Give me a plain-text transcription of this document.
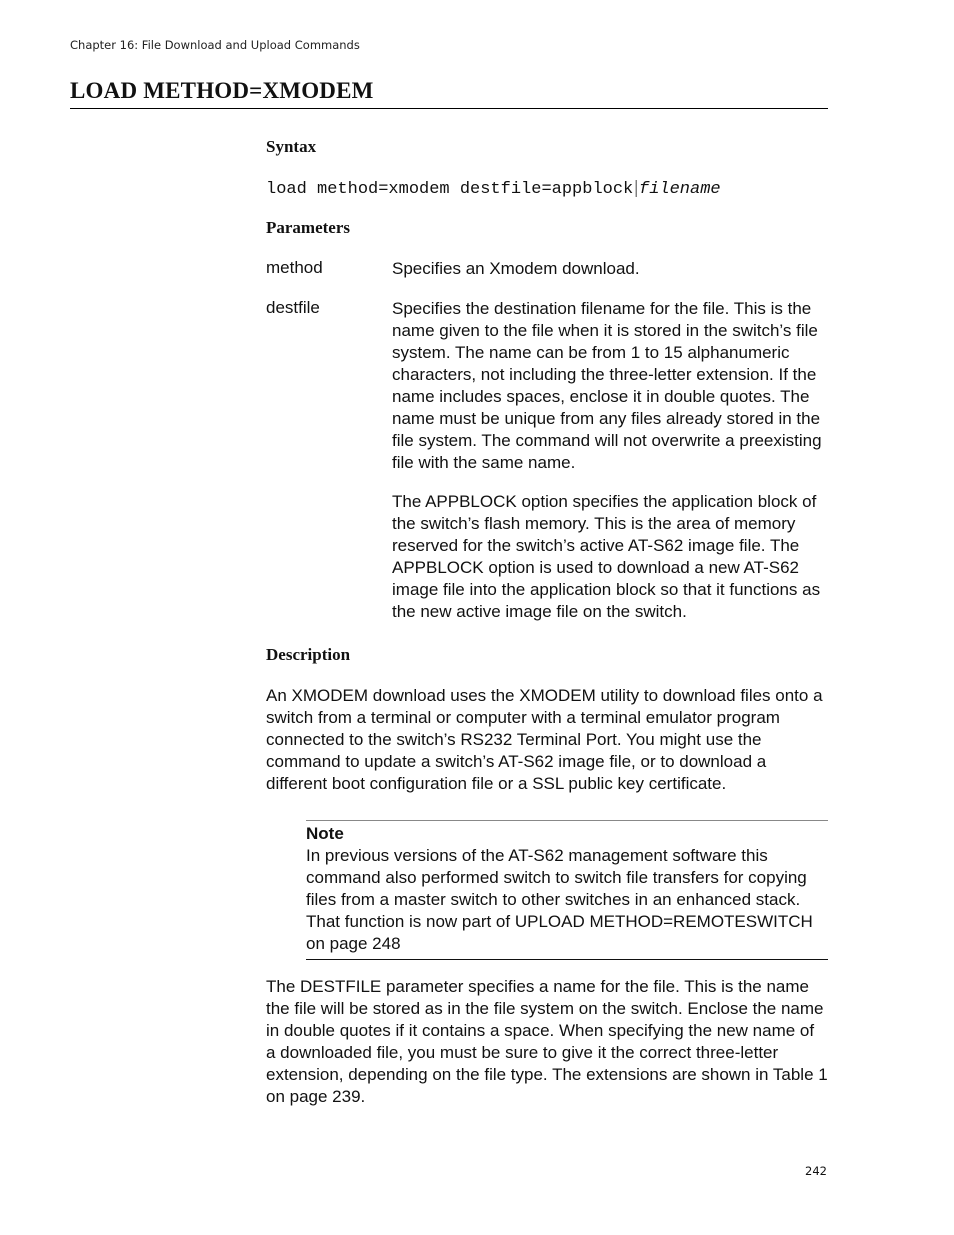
Chapter 16: File Download and Upload Commands
LOAD METHOD=XMODEM
Syntax
load method=xmodem destfile=appblock|filename
Parameters
method	Specifies an Xmodem download.
destfile	Specifies the destination filename for the file. This is the name given to the file when it is stored in the switch’s file system. The name can be from 1 to 15 alphanumeric characters, not including the three-letter extension. If the name includes spaces, enclose it in double quotes. The name must be unique from any files already stored in the file system. The command will not overwrite a preexisting file with the same name.
The APPBLOCK option specifies the application block of the switch’s flash memory. This is the area of memory reserved for the switch’s active AT-S62 image file. The APPBLOCK option is used to download a new AT-S62 image file into the application block so that it functions as the new active image file on the switch.
Description

An XMODEM download uses the XMODEM utility to download files onto a switch from a terminal or computer with a terminal emulator program connected to the switch’s RS232 Terminal Port. You might use the command to update a switch’s AT-S62 image file, or to download a different boot configuration file or a SSL public key certificate.

Note

In previous versions of the AT-S62 management software this command also performed switch to switch file transfers for copying files from a master switch to other switches in an enhanced stack. That function is now part of UPLOAD METHOD=REMOTESWITCH on page 248

The DESTFILE parameter specifies a name for the file. This is the name the file will be stored as in the file system on the switch. Enclose the name in double quotes if it contains a space. When specifying the new name of a downloaded file, you must be sure to give it the correct three-letter extension, depending on the file type. The extensions are shown in Table 1 on page 239.

242
